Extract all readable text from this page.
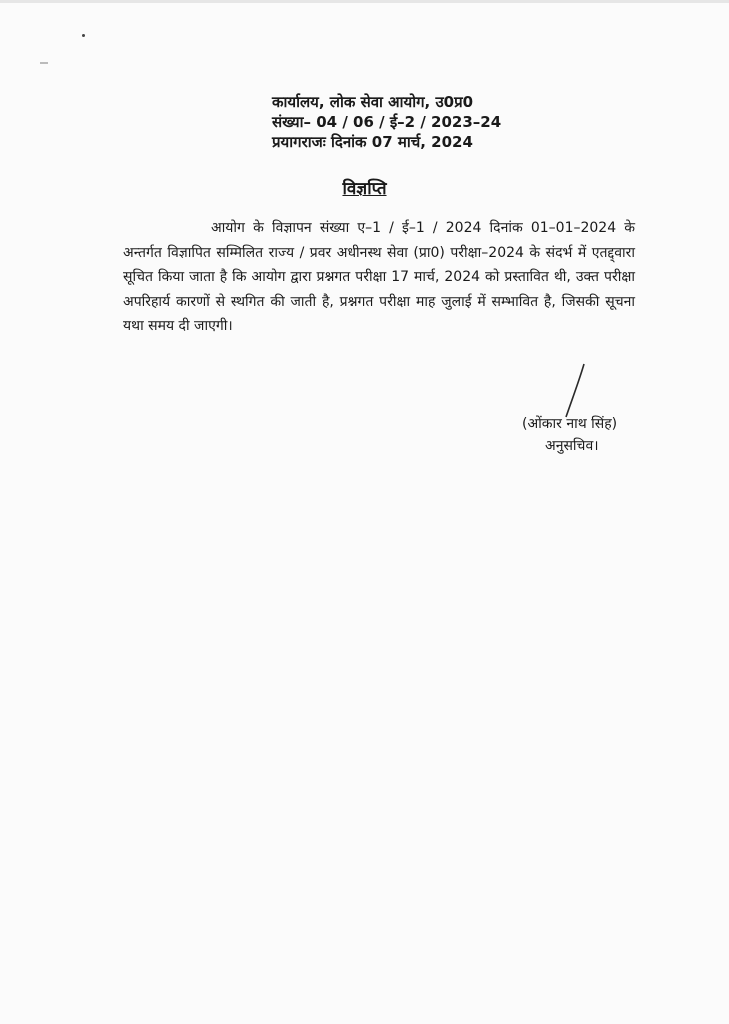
कार्यालय, लोक सेवा आयोग, उ0प्र0
संख्या– 04 / 06 / ई–2 / 2023–24
प्रयागराजः दिनांक 07 मार्च, 2024
विज्ञप्ति

आयोग के विज्ञापन संख्या ए–1 / ई–1 / 2024 दिनांक 01–01–2024 के अन्तर्गत विज्ञापित सम्मिलित राज्य / प्रवर अधीनस्थ सेवा (प्रा0) परीक्षा–2024 के संदर्भ में एतद्द्वारा सूचित किया जाता है कि आयोग द्वारा प्रश्नगत परीक्षा 17 मार्च, 2024 को प्रस्तावित थी, उक्त परीक्षा अपरिहार्य कारणों से स्थगित की जाती है, प्रश्नगत परीक्षा माह जुलाई में सम्भावित है, जिसकी सूचना यथा समय दी जाएगी।

(ओंकार नाथ सिंह)
अनुसचिव।
